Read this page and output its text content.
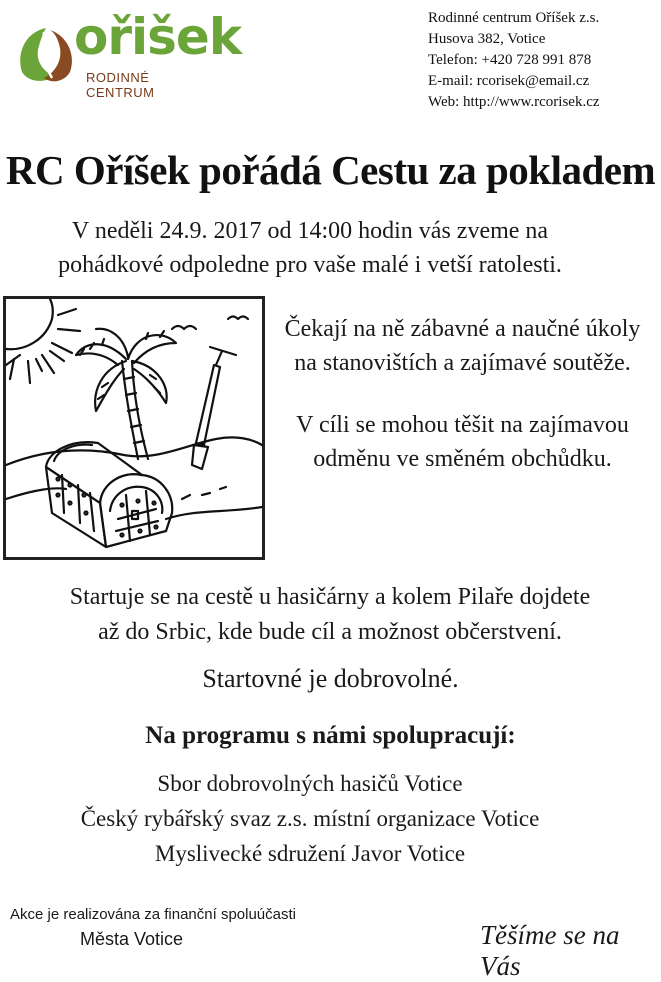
ořišek
RODINNÉ CENTRUM
Rodinné centrum Oříšek z.s.
Husova 382, Votice
Telefon: +420 728 991 878
E-mail: rcorisek@email.cz
Web: http://www.rcorisek.cz
RC Oříšek pořádá Cestu za pokladem
V neděli 24.9. 2017 od 14:00 hodin vás zveme na
pohádkové odpoledne pro vaše malé i vetší ratolesti.
Čekají na ně zábavné a naučné úkoly
na stanovištích a zajímavé soutěže.
V cíli se mohou těšit na zajímavou
odměnu ve směném obchůdku.
Startuje se na cestě u hasičárny a kolem Pilaře dojdete
až do Srbic, kde bude cíl a možnost občerstvení.
Startovné je dobrovolné.
Na programu s námi spolupracují:
Sbor dobrovolných hasičů Votice
Český rybářský svaz z.s. místní organizace Votice
Myslivecké sdružení Javor Votice
Akce je realizována za finanční spoluúčasti
Města Votice	Těšíme se na Vás
